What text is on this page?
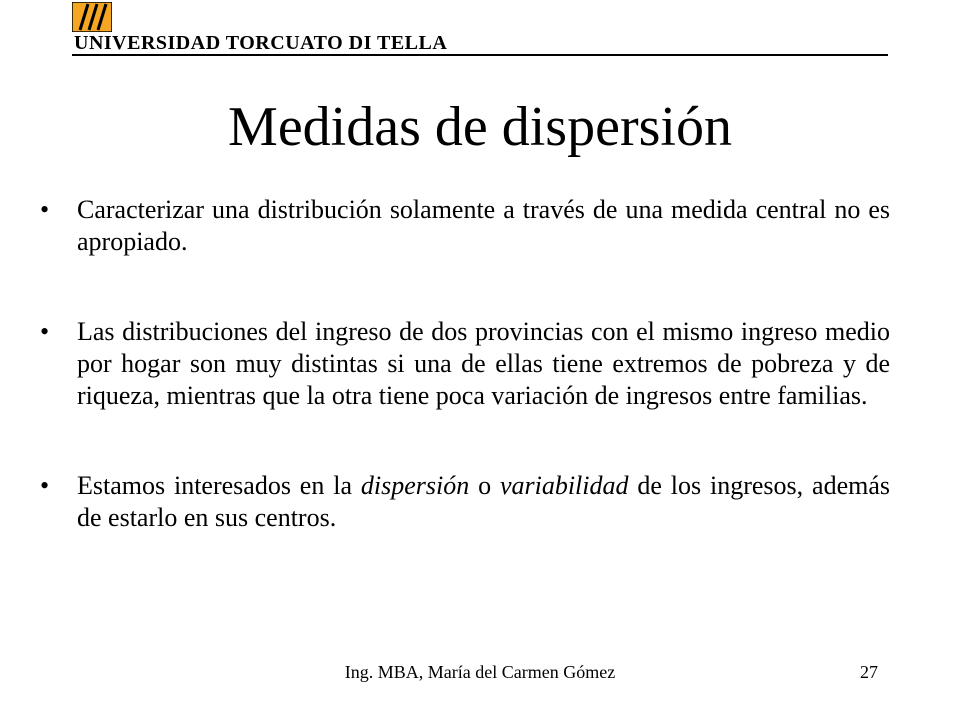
UNIVERSIDAD TORCUATO DI TELLA
Medidas de dispersión
• Caracterizar una distribución solamente a través de una medida central no es apropiado.
• Las distribuciones del ingreso de dos provincias con el mismo ingreso medio por hogar son muy distintas si una de ellas tiene extremos de pobreza y de riqueza, mientras que la otra tiene poca variación de ingresos entre familias.
• Estamos interesados en la dispersión o variabilidad de los ingresos, además de estarlo en sus centros.
Ing. MBA, María del Carmen Gómez	27
